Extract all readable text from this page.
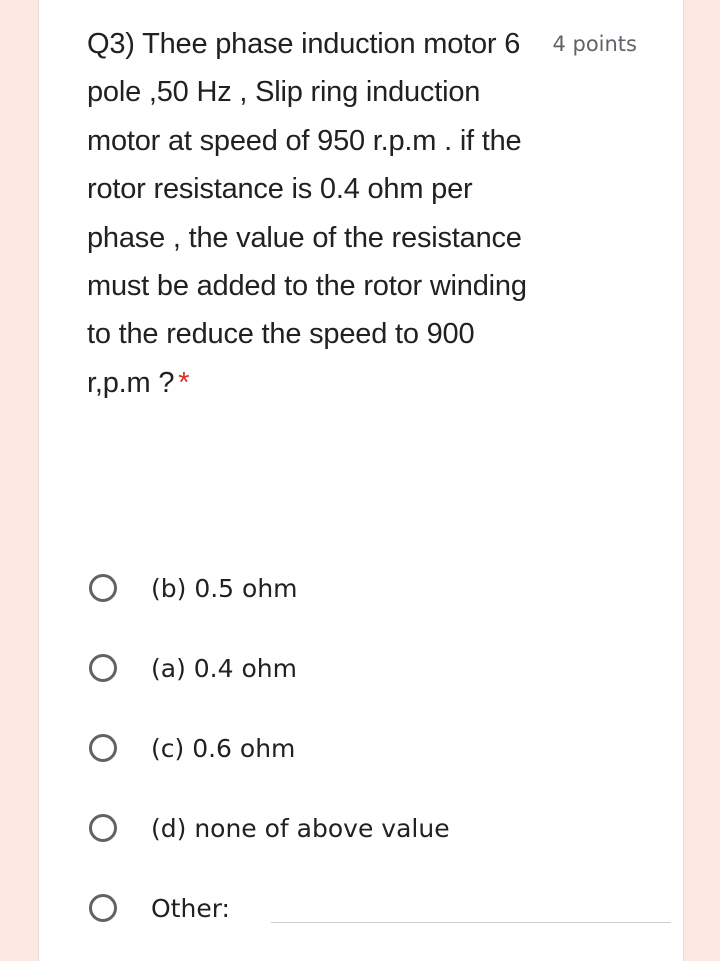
Q3) Thee phase induction motor 6 pole ,50 Hz , Slip ring induction motor at speed of 950 r.p.m . if the rotor resistance is 0.4 ohm per phase , the value of the resistance must be added to the rotor winding to the reduce the speed to 900 r,p.m ? *
4 points
(b) 0.5 ohm
(a) 0.4 ohm
(c) 0.6 ohm
(d) none of above value
Other:
